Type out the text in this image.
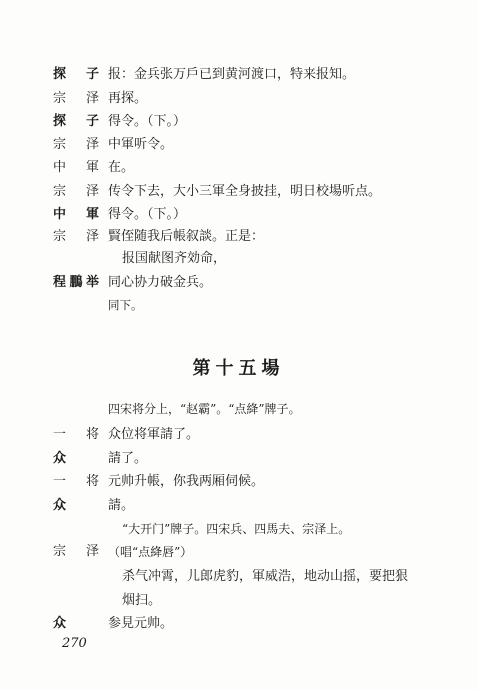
探 子 报：金兵张万戶已到黄河渡口，特来报知。
宗 泽 再探。
探 子 得令。（下。）
宗 泽 中軍听令。
中 軍 在。
宗 泽 传令下去，大小三軍全身披挂，明日校場听点。
中 軍 得令。（下。）
宗 泽 賢侄随我后帳叙談。正是：
报国献图齐効命，
程鵬举 同心协力破金兵。
同下。
第十五場
四宋将分上，“赵霸”。“点絳”牌子。
一 将 众位将軍請了。
众	請了。
一 将 元帅升帳，你我两厢伺候。
众	請。
“大开门”牌子。四宋兵、四馬夫、宗泽上。
宗 泽 （唱“点絳唇”）
杀气冲霄，儿郎虎豹，軍威浩，地动山摇，要把狠
烟扫。
众	参見元帅。
270
